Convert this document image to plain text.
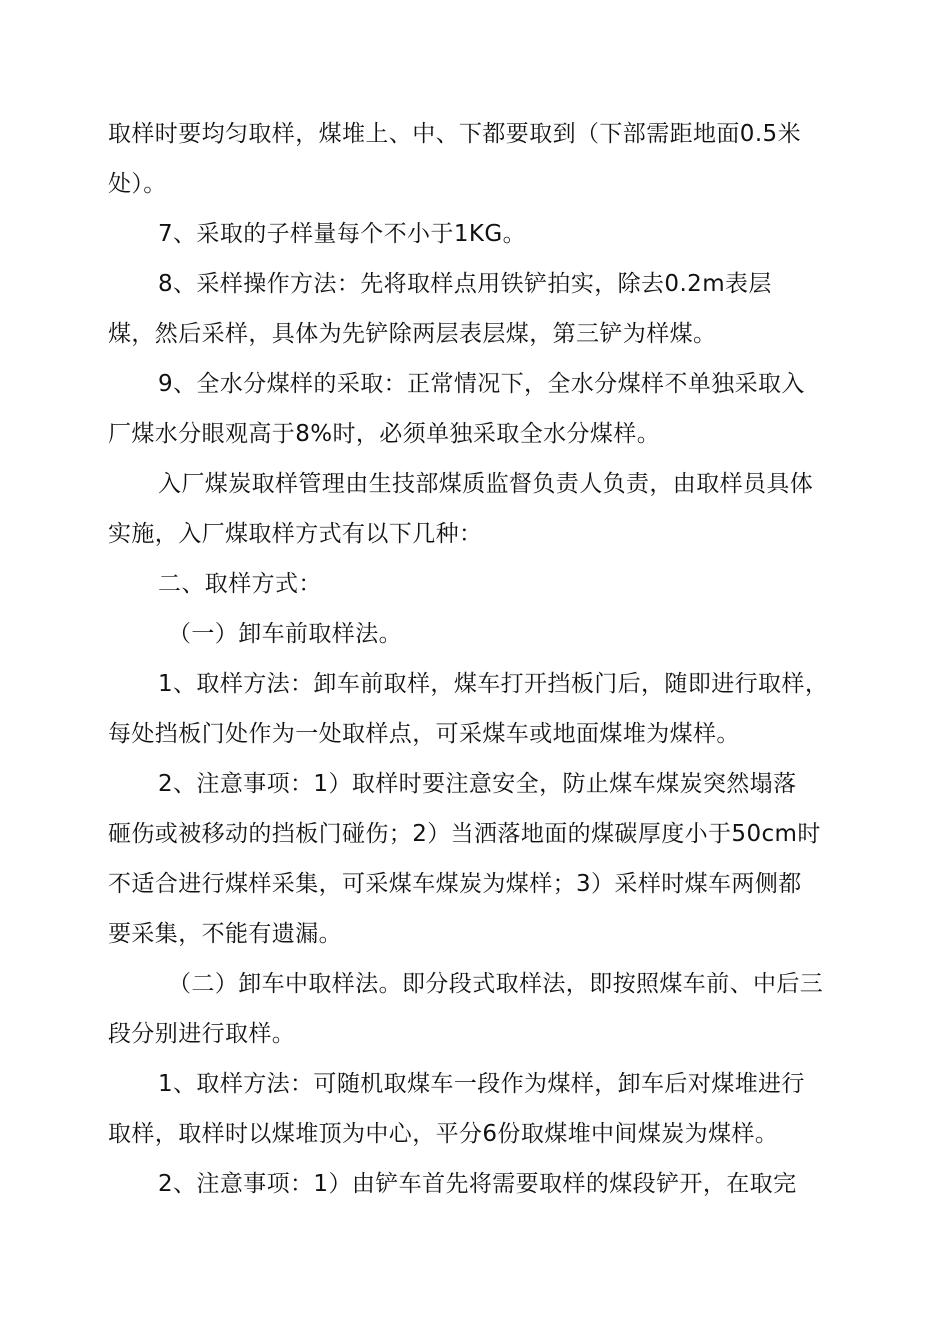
取样时要均匀取样，煤堆上、中、下都要取到（下部需距地面0.5米
处）。
7、采取的子样量每个不小于1KG。
8、采样操作方法：先将取样点用铁铲拍实，除去0.2m表层
煤，然后采样，具体为先铲除两层表层煤，第三铲为样煤。
9、全水分煤样的采取：正常情况下，全水分煤样不单独采取入
厂煤水分眼观高于8%时，必须单独采取全水分煤样。
入厂煤炭取样管理由生技部煤质监督负责人负责，由取样员具体
实施，入厂煤取样方式有以下几种：
二、取样方式：
（一）卸车前取样法。
1、取样方法：卸车前取样，煤车打开挡板门后，随即进行取样，
每处挡板门处作为一处取样点，可采煤车或地面煤堆为煤样。
2、注意事项：1）取样时要注意安全，防止煤车煤炭突然塌落
砸伤或被移动的挡板门碰伤；2）当洒落地面的煤碳厚度小于50cm时
不适合进行煤样采集，可采煤车煤炭为煤样；3）采样时煤车两侧都
要采集，不能有遗漏。
（二）卸车中取样法。即分段式取样法，即按照煤车前、中后三
段分别进行取样。
1、取样方法：可随机取煤车一段作为煤样，卸车后对煤堆进行
取样，取样时以煤堆顶为中心，平分6份取煤堆中间煤炭为煤样。
2、注意事项：1）由铲车首先将需要取样的煤段铲开，在取完
